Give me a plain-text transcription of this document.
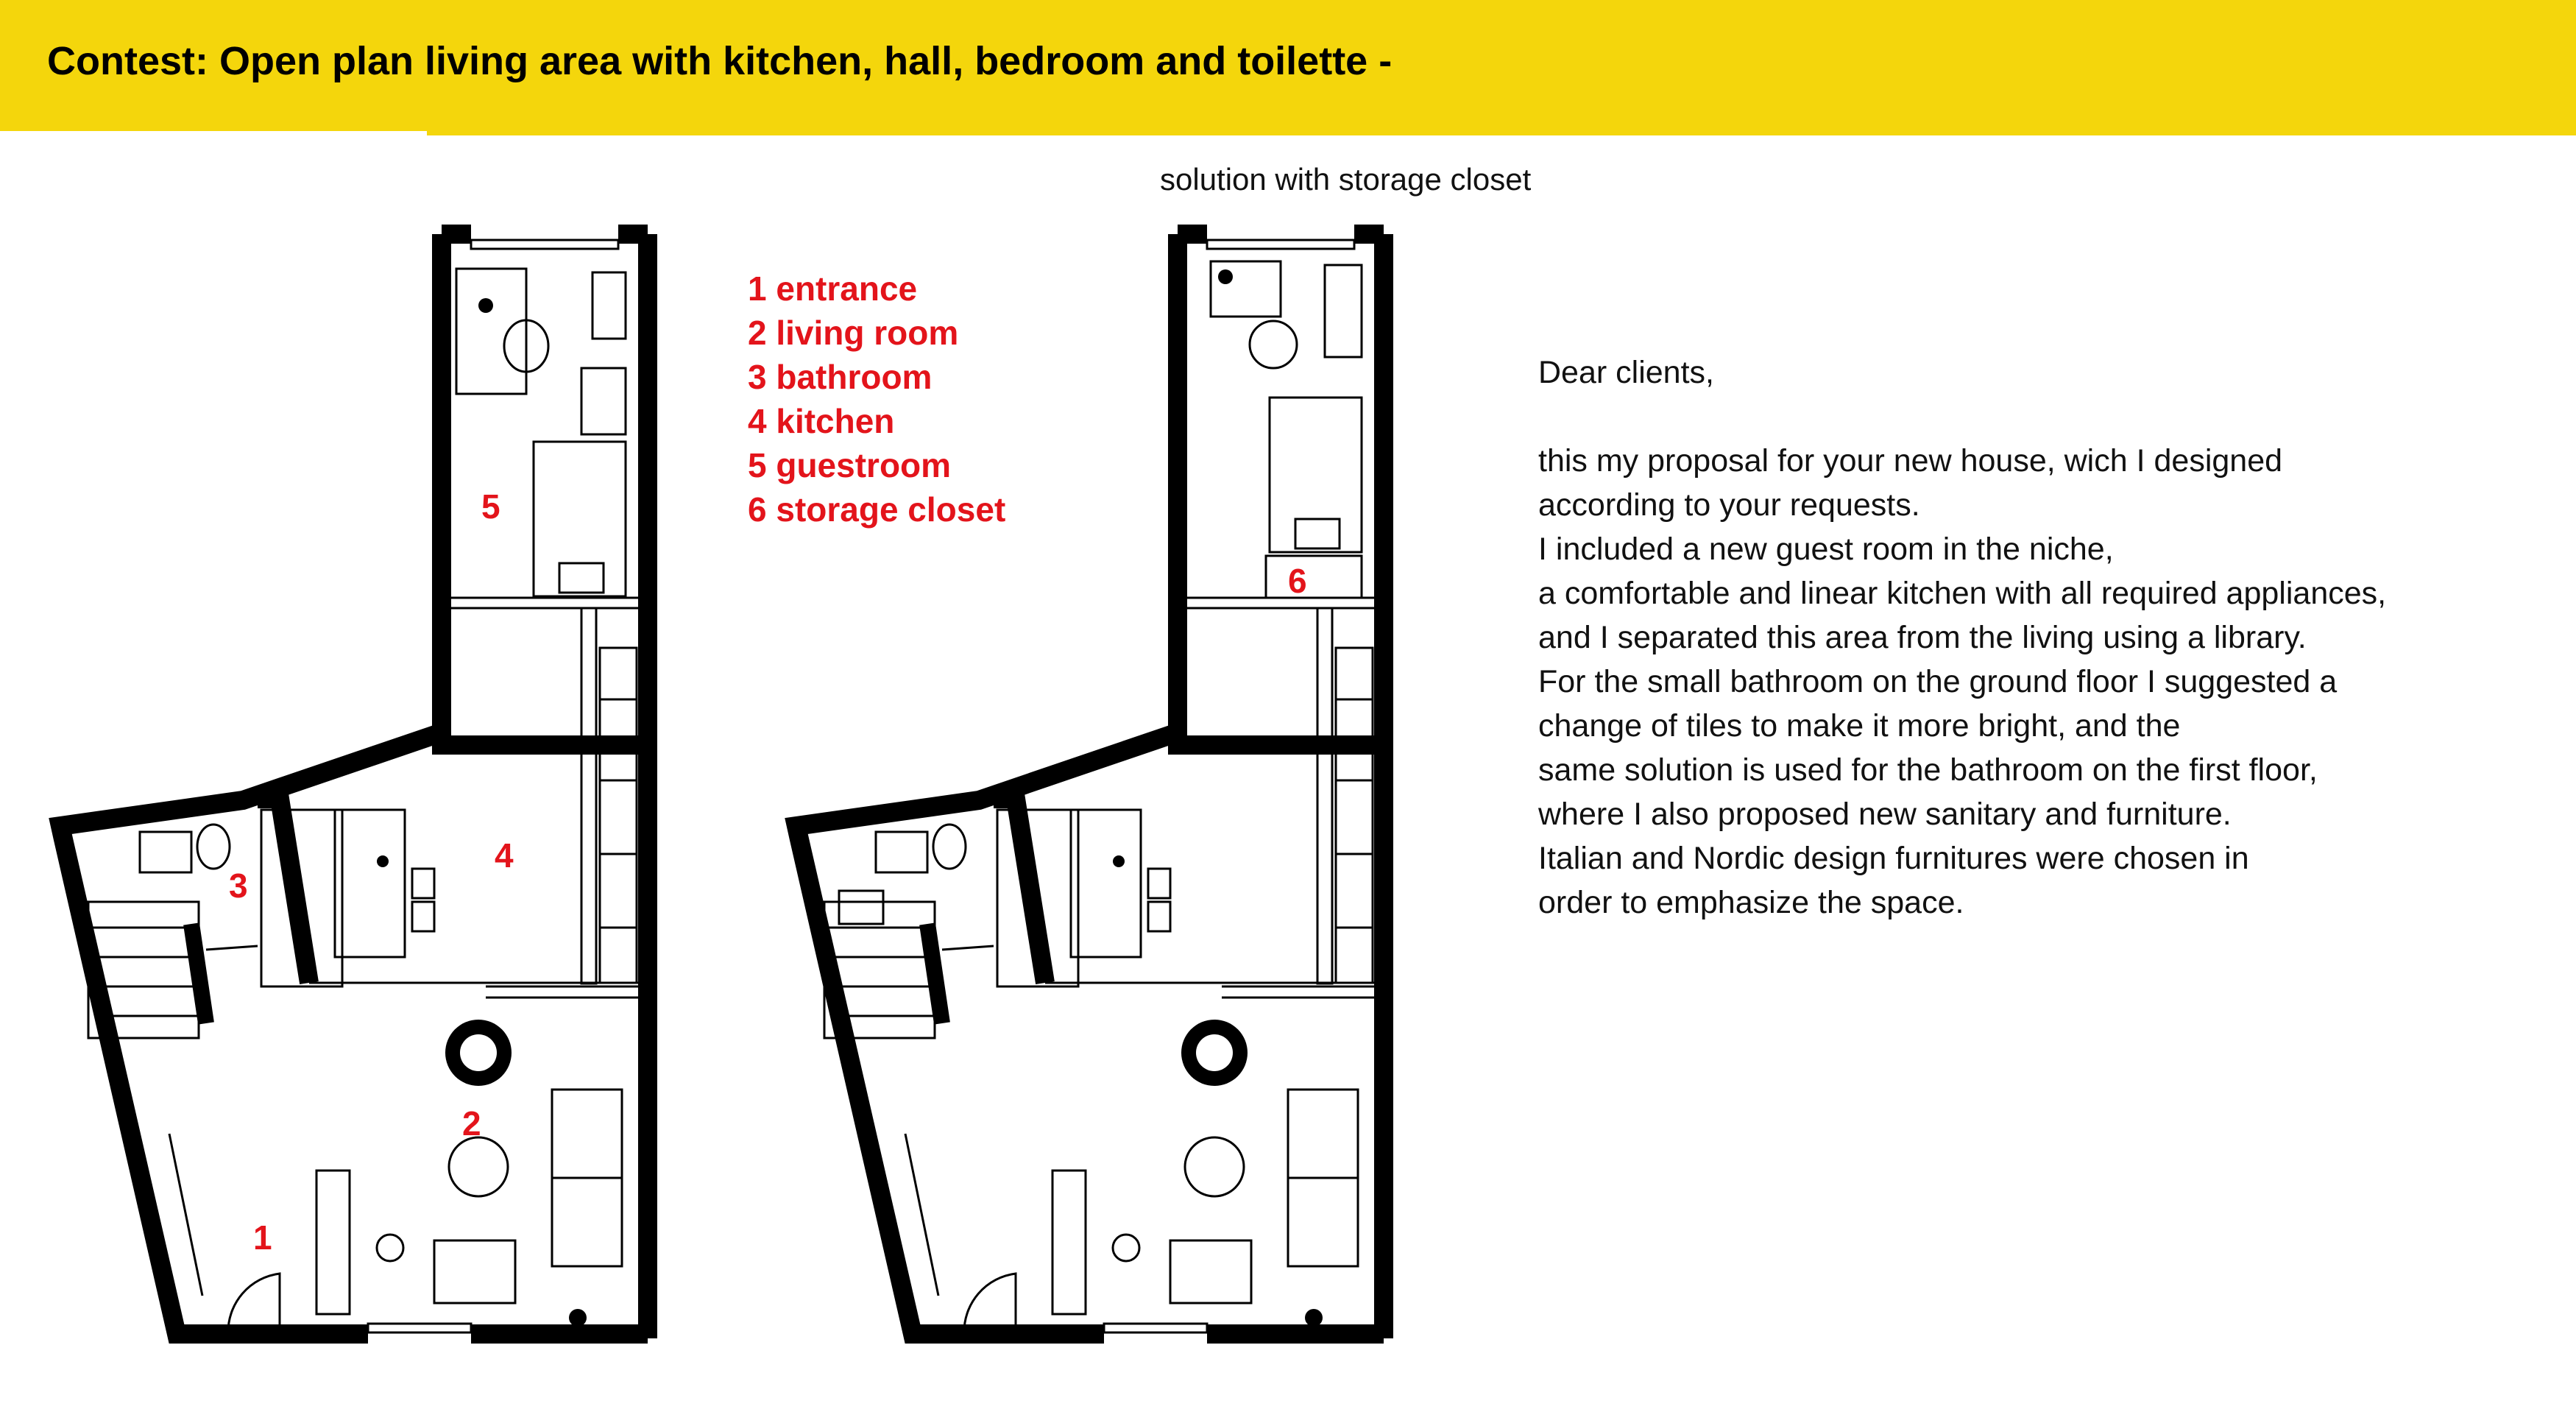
Contest: Open plan living area with kitchen, hall, bedroom and toilette -
solution with storage closet
1 entrance
2 living room
3 bathroom
4 kitchen
5 guestroom
6 storage closet
5
4
3
2
1
6
Dear clients,
this my proposal for your new house, wich I designed
according to your requests.
I included a new guest room in the niche,
a comfortable and linear kitchen with all required appliances,
and I separated this area from the living using a library.
For the small bathroom on the ground floor I suggested a
change of tiles to make it more bright, and the
same solution is used for the bathroom on the first floor,
where I also proposed new sanitary and furniture.
Italian and Nordic design furnitures were chosen in
order to emphasize the space.
